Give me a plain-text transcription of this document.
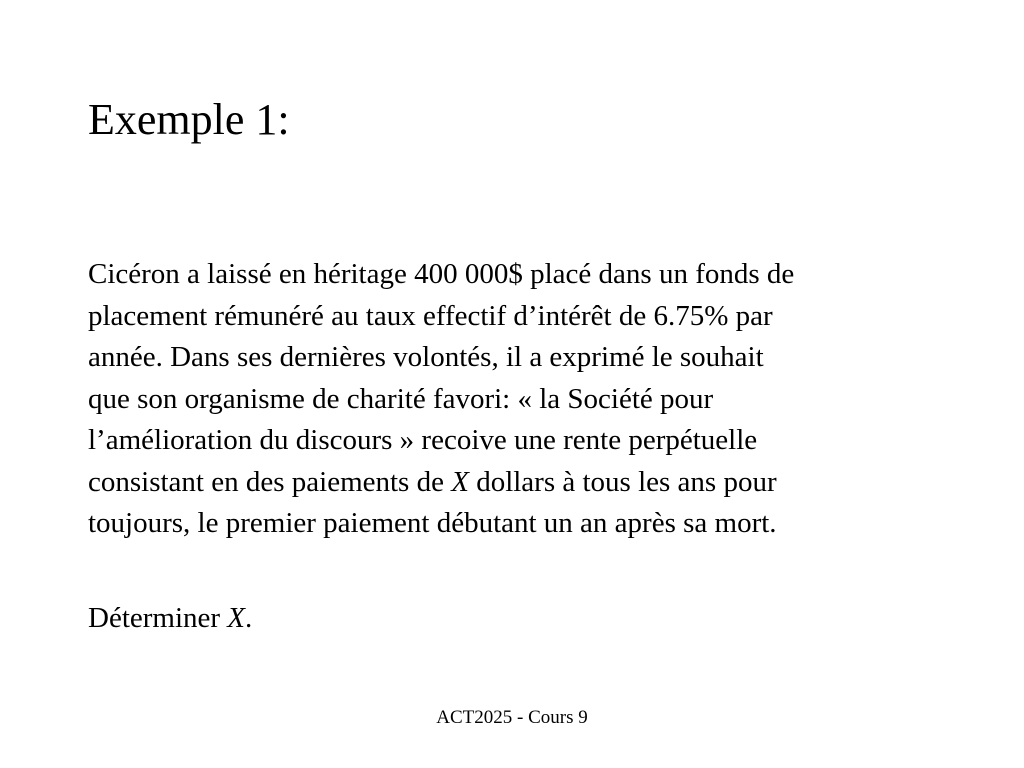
Exemple 1:

Cicéron a laissé en héritage 400 000$ placé dans un fonds de
placement rémunéré au taux effectif d’intérêt de 6.75% par
année. Dans ses dernières volontés, il a exprimé le souhait
que son organisme de charité favori: « la Société pour
l’amélioration du discours » recoive une rente perpétuelle
consistant en des paiements de X dollars à tous les ans pour
toujours, le premier paiement débutant un an après sa mort.

Déterminer X.

ACT2025 - Cours 9
